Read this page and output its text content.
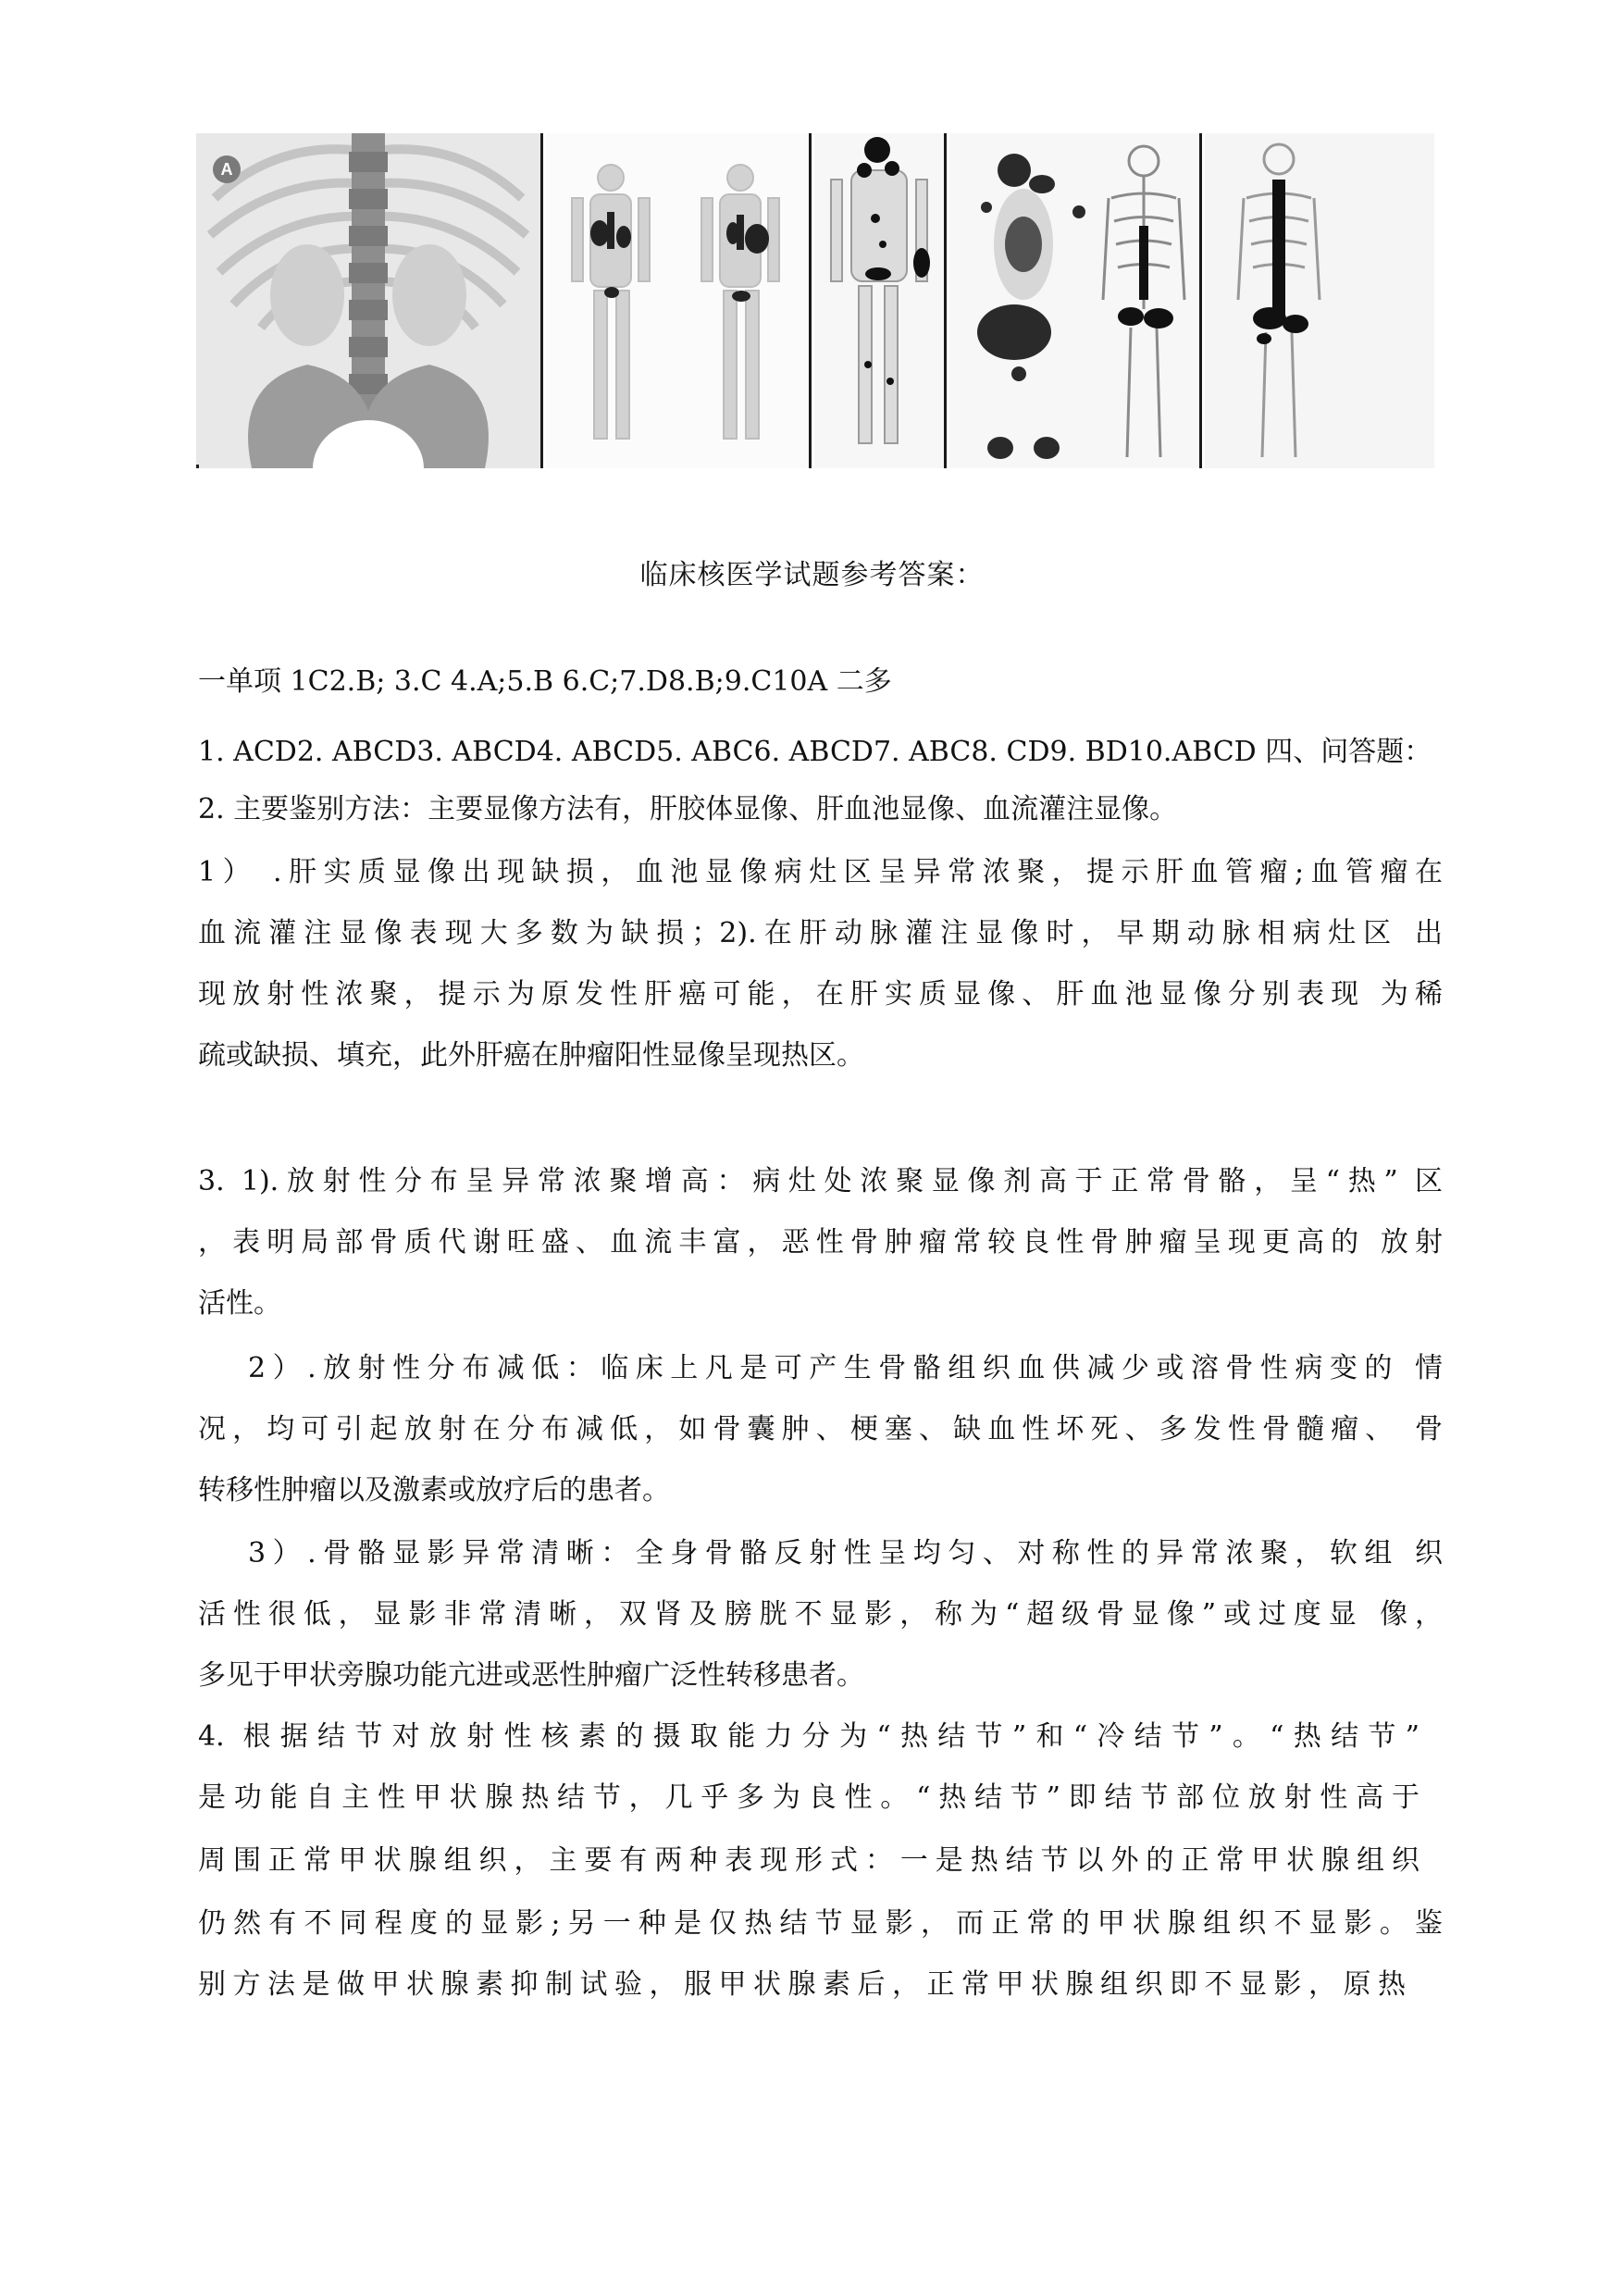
A
临床核医学试题参考答案：
一单项 1C2.B; 3.C 4.A;5.B 6.C;7.D8.B;9.C10A 二多
1. ACD2. ABCD3. ABCD4. ABCD5. ABC6. ABCD7. ABC8. CD9. BD10.ABCD 四、问答题：
2. 主要鉴别方法：主要显像方法有，肝胶体显像、肝血池显像、血流灌注显像。
1） .肝实质显像出现缺损，血池显像病灶区呈异常浓聚，提示肝血管瘤;血管瘤在
血流灌注显像表现大多数为缺损；2).在肝动脉灌注显像时，早期动脉相病灶区 出
现放射性浓聚，提示为原发性肝癌可能，在肝实质显像、肝血池显像分别表现 为稀
疏或缺损、填充，此外肝癌在肿瘤阳性显像呈现热区。
3. 1).放射性分布呈异常浓聚增高：病灶处浓聚显像剂高于正常骨骼，呈“热” 区
，表明局部骨质代谢旺盛、血流丰富，恶性骨肿瘤常较良性骨肿瘤呈现更高的 放射
活性。
2）.放射性分布减低：临床上凡是可产生骨骼组织血供减少或溶骨性病变的 情
况，均可引起放射在分布减低，如骨囊肿、梗塞、缺血性坏死、多发性骨髓瘤、 骨
转移性肿瘤以及激素或放疗后的患者。
3）.骨骼显影异常清晰：全身骨骼反射性呈均匀、对称性的异常浓聚，软组 织
活性很低，显影非常清晰，双肾及膀胱不显影，称为“超级骨显像”或过度显 像，
多见于甲状旁腺功能亢进或恶性肿瘤广泛性转移患者。
4. 根据结节对放射性核素的摄取能力分为“热结节”和“冷结节”。“热结节”
是功能自主性甲状腺热结节，几乎多为良性。“热结节”即结节部位放射性高于
周围正常甲状腺组织，主要有两种表现形式：一是热结节以外的正常甲状腺组织
仍然有不同程度的显影;另一种是仅热结节显影，而正常的甲状腺组织不显影。鉴
别方法是做甲状腺素抑制试验，服甲状腺素后，正常甲状腺组织即不显影，原热
